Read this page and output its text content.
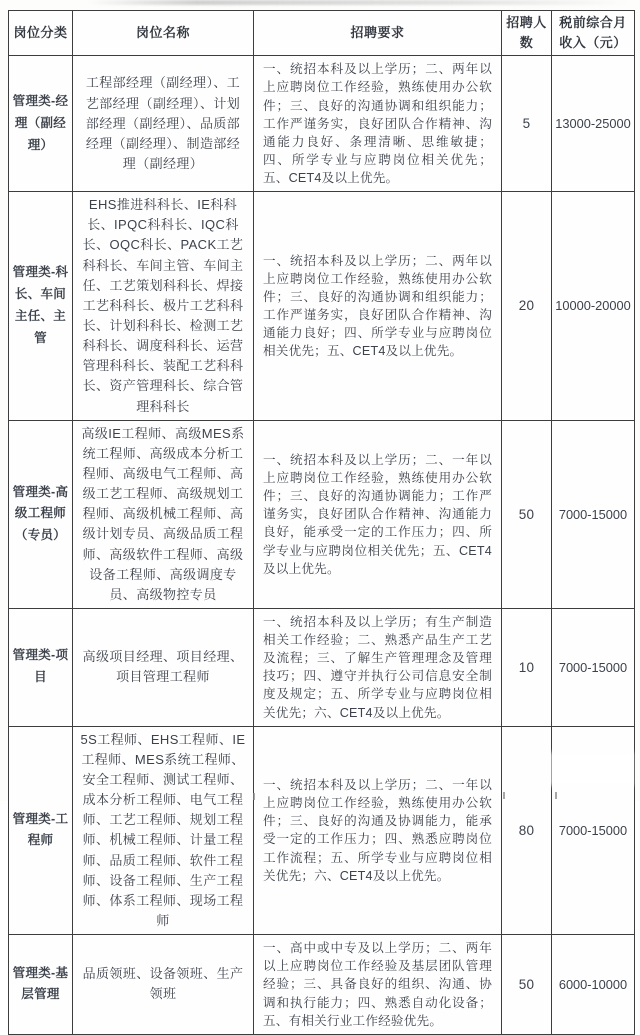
岗位分类	岗位名称	招聘要求	招聘人数	税前综合月收入（元）
管理类-经理（副经理）	工程部经理（副经理）、工艺部经理（副经理）、计划部经理（副经理）、品质部经理（副经理）、制造部经理（副经理）	一、统招本科及以上学历；二、两年以上应聘岗位工作经验，熟练使用办公软件；三、良好的沟通协调和组织能力；工作严谨务实，良好团队合作精神、沟通能力良好、条理清晰、思维敏捷；四、所学专业与应聘岗位相关优先；五、CET4及以上优先。	5	13000-25000
管理类-科长、车间主任、主管	EHS推进科科长、IE科科长、IPQC科科长、IQC科长、OQC科长、PACK工艺科科长、车间主管、车间主任、工艺策划科科长、焊接工艺科科长、极片工艺科科长、计划科科长、检测工艺科科长、调度科科长、运营管理科科长、装配工艺科科长、资产管理科长、综合管理科科长	一、统招本科及以上学历；二、两年以上应聘岗位工作经验，熟练使用办公软件；三、良好的沟通协调和组织能力；工作严谨务实，良好团队合作精神、沟通能力良好；四、所学专业与应聘岗位相关优先；五、CET4及以上优先。	20	10000-20000
管理类-高级工程师（专员）	高级IE工程师、高级MES系统工程师、高级成本分析工程师、高级电气工程师、高级工艺工程师、高级规划工程师、高级机械工程师、高级计划专员、高级品质工程师、高级软件工程师、高级设备工程师、高级调度专员、高级物控专员	一、统招本科及以上学历；二、一年以上应聘岗位工作经验，熟练使用办公软件；三、良好的沟通协调能力；工作严谨务实，良好团队合作精神、沟通能力良好，能承受一定的工作压力；四、所学专业与应聘岗位相关优先；五、CET4及以上优先。	50	7000-15000
管理类-项目	高级项目经理、项目经理、项目管理工程师	一、统招本科及以上学历；有生产制造相关工作经验；二、熟悉产品生产工艺及流程；三、了解生产管理理念及管理技巧；四、遵守并执行公司信息安全制度及规定；五、所学专业与应聘岗位相关优先；六、CET4及以上优先。	10	7000-15000
管理类-工程师	5S工程师、EHS工程师、IE工程师、MES系统工程师、安全工程师、测试工程师、成本分析工程师、电气工程师、工艺工程师、规划工程师、机械工程师、计量工程师、品质工程师、软件工程师、设备工程师、生产工程师、体系工程师、现场工程师	一、统招本科及以上学历；二、一年以上应聘岗位工作经验，熟练使用办公软件；三、良好的沟通及协调能力，能承受一定的工作压力；四、熟悉应聘岗位工作流程；五、所学专业与应聘岗位相关优先；六、CET4及以上优先。	80	7000-15000
管理类-基层管理	品质领班、设备领班、生产领班	一、高中或中专及以上学历；二、两年以上应聘岗位工作经验及基层团队管理经验；三、具备良好的组织、沟通、协调和执行能力；四、熟悉自动化设备；五、有相关行业工作经验优先。	50	6000-10000
